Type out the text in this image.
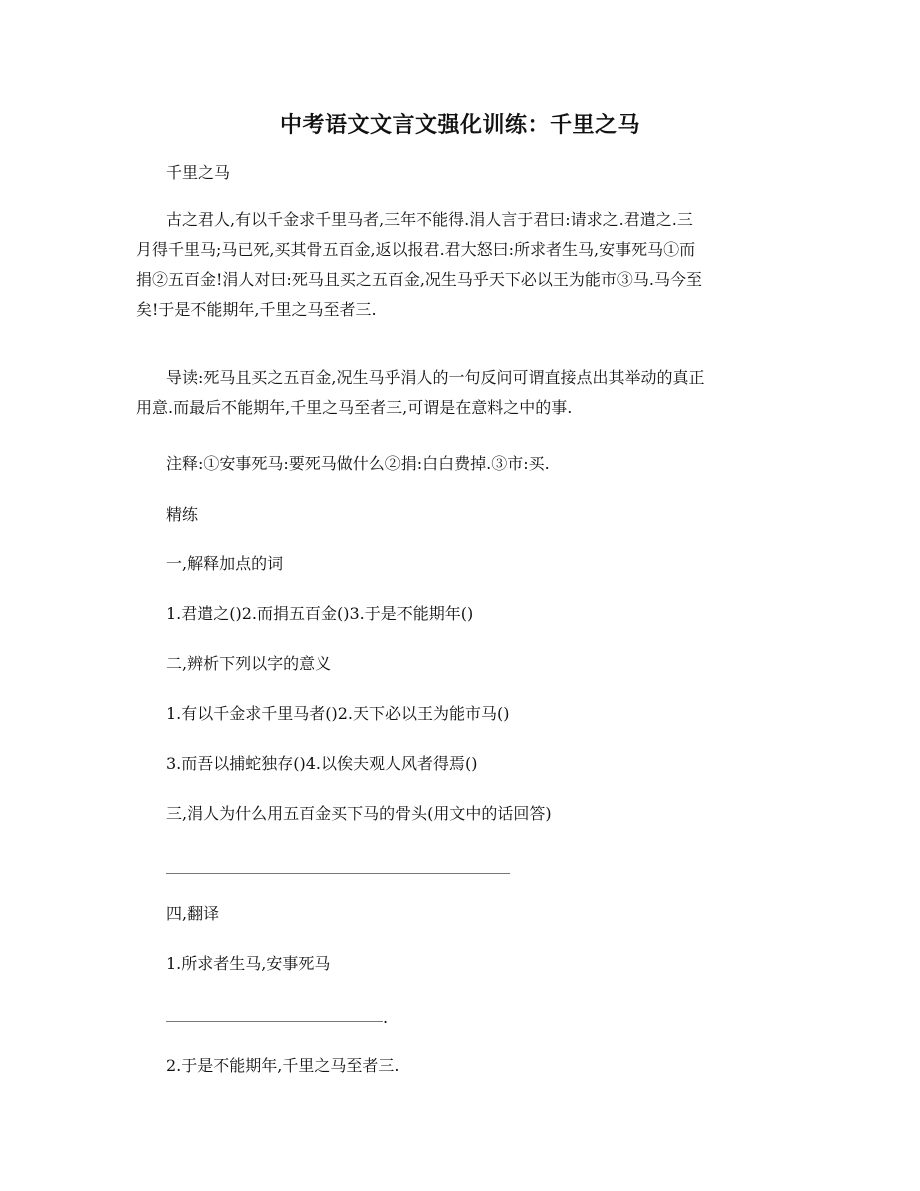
中考语文文言文强化训练：千里之马
千里之马
古之君人,有以千金求千里马者,三年不能得.涓人言于君曰:请求之.君遣之.三
月得千里马;马已死,买其骨五百金,返以报君.君大怒曰:所求者生马,安事死马①而
捐②五百金!涓人对曰:死马且买之五百金,况生马乎天下必以王为能市③马.马今至
矣!于是不能期年,千里之马至者三.
导读:死马且买之五百金,况生马乎涓人的一句反问可谓直接点出其举动的真正
用意.而最后不能期年,千里之马至者三,可谓是在意料之中的事.
注释:①安事死马:要死马做什么②捐:白白费掉.③市:买.
精练
一,解释加点的词
1.君遣之()2.而捐五百金()3.于是不能期年()
二,辨析下列以字的意义
1.有以千金求千里马者()2.天下必以王为能市马()
3.而吾以捕蛇独存()4.以俟夫观人风者得焉()
三,涓人为什么用五百金买下马的骨头(用文中的话回答)
四,翻译
1.所求者生马,安事死马
.
2.于是不能期年,千里之马至者三.
